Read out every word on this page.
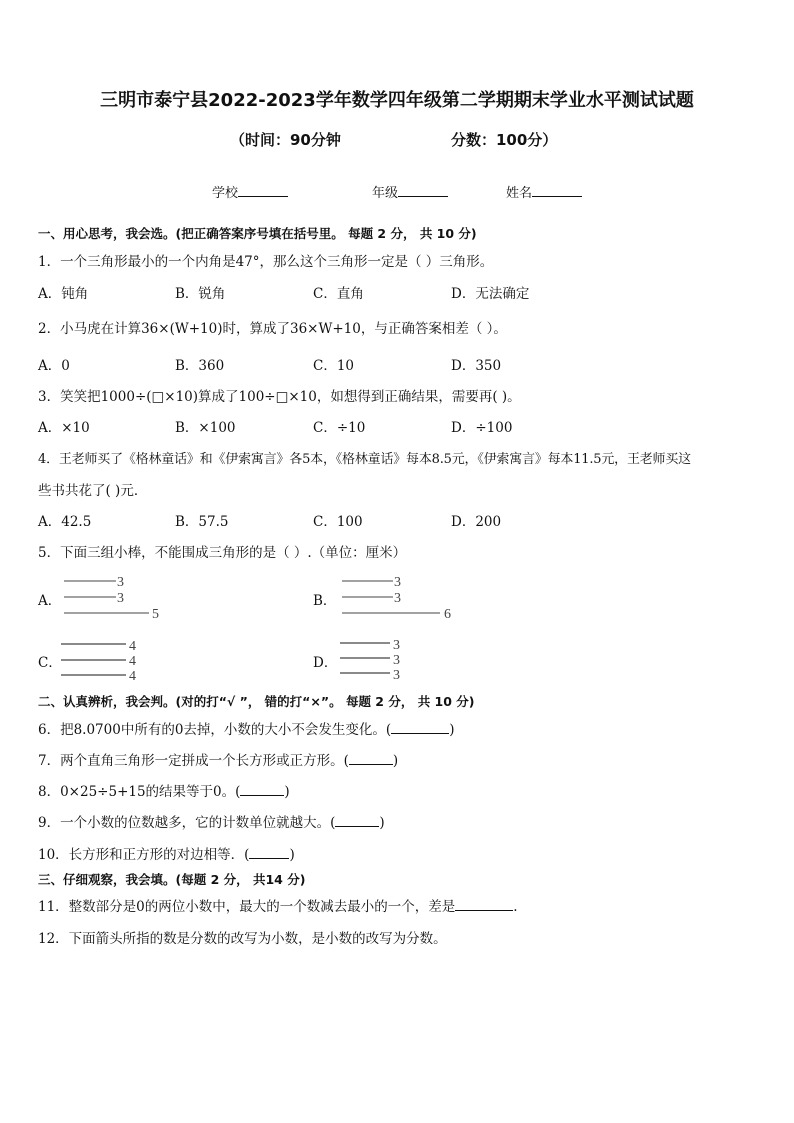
三明市泰宁县2022-2023学年数学四年级第二学期期末学业水平测试试题
（时间：90分钟	分数：100分）
学校	年级	姓名
一、用心思考，我会选。(把正确答案序号填在括号里。 每题 2 分， 共 10 分)
1．一个三角形最小的一个内角是47°，那么这个三角形一定是（ ）三角形。
A．钝角	B．锐角	C．直角	D．无法确定
2．小马虎在计算36×(W+10)时，算成了36×W+10，与正确答案相差（ ）。
A．0	B．360	C．10	D．350
3．笑笑把1000÷(□×10)算成了100÷□×10，如想得到正确结果，需要再( )。
A．×10	B．×100	C．÷10	D．÷100
4．王老师买了《格林童话》和《伊索寓言》各5本，《格林童话》每本8.5元，《伊索寓言》每本11.5元，王老师买这
些书共花了( )元．
A．42.5	B．57.5	C．100	D．200
5．下面三组小棒，不能围成三角形的是（ ）.（单位：厘米）
A．
3
3
5
B．
3
3
6
C．
4
4
4
D．
3
3
3
二、认真辨析，我会判。(对的打“√ ”， 错的打“×”。 每题 2 分， 共 10 分)
6．把8.0700中所有的0去掉，小数的大小不会发生变化。(	)
7．两个直角三角形一定拼成一个长方形或正方形。(	)
8．0×25÷5+15的结果等于0。(	)
9．一个小数的位数越多，它的计数单位就越大。(	)
10．长方形和正方形的对边相等．(	)
三、仔细观察，我会填。(每题 2 分， 共14 分)
11．整数部分是0的两位小数中，最大的一个数减去最小的一个，差是	.
12．下面箭头所指的数是分数的改写为小数，是小数的改写为分数。
